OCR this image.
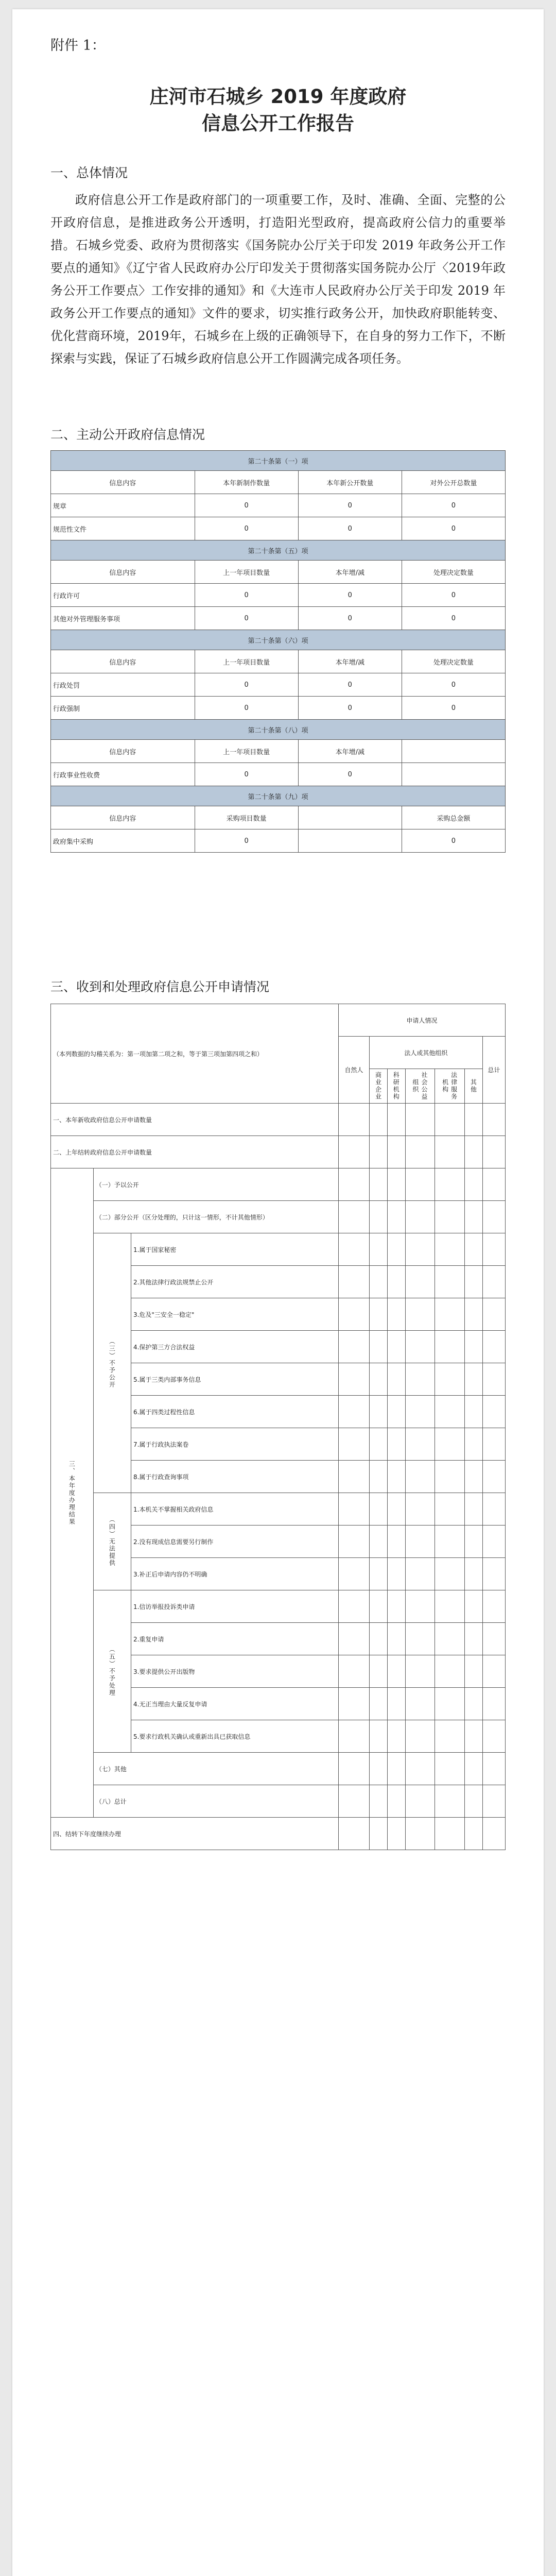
附件 1：
庄河市石城乡 2019 年度政府
信息公开工作报告

一、总体情况

政府信息公开工作是政府部门的一项重要工作，及时、准确、全面、完整的公开政府信息，是推进政务公开透明，打造阳光型政府，提高政府公信力的重要举措。石城乡党委、政府为贯彻落实《国务院办公厅关于印发 2019 年政务公开工作要点的通知》《辽宁省人民政府办公厅印发关于贯彻落实国务院办公厅〈2019年政务公开工作要点〉工作安排的通知》和《大连市人民政府办公厅关于印发 2019 年政务公开工作要点的通知》文件的要求，切实推行政务公开，加快政府职能转变、优化营商环境，2019年，石城乡在上级的正确领导下，在自身的努力工作下，不断探索与实践，保证了石城乡政府信息公开工作圆满完成各项任务。

二、主动公开政府信息情况

第二十条第（一）项			
信息内容	本年新制作数量	本年新公开数量	对外公开总数量
规章	0	0	0
规范性文件	0	0	0
第二十条第（五）项			
信息内容	上一年项目数量	本年增/减	处理决定数量
行政许可	0	0	0
其他对外管理服务事项	0	0	0
第二十条第（六）项			
信息内容	上一年项目数量	本年增/减	处理决定数量
行政处罚	0	0	0
行政强制	0	0	0
第二十条第（八）项			
信息内容	上一年项目数量	本年增/减	
行政事业性收费	0	0	
第二十条第（九）项			
信息内容	采购项目数量		采购总金额
政府集中采购	0		0

三、收到和处理政府信息公开申请情况

（本列数据的勾稽关系为：第一项加第二项之和，等于第三项加第四项之和）			申请人情况						
			自然人	法人或其他组织					总计
				商业企业	科研机构	社会公益组织	法律服务机构	其他	
一、本年新收政府信息公开申请数量									
二、上年结转政府信息公开申请数量									
三、本年度办理结果	（一）予以公开								
	（二）部分公开（区分处理的，只计这一情形，不计其他情形）								
	（三）不予公开	1.属于国家秘密							
		2.其他法律行政法规禁止公开							
		3.危及"三安全一稳定"							
		4.保护第三方合法权益							
		5.属于三类内部事务信息							
		6.属于四类过程性信息							
		7.属于行政执法案卷							
		8.属于行政查询事项							
	（四）无法提供	1.本机关不掌握相关政府信息							
		2.没有现成信息需要另行制作							
		3.补正后申请内容仍不明确							
	（五）不予处理	1.信访举报投诉类申请							
		2.重复申请							
		3.要求提供公开出版物							
		4.无正当理由大量反复申请							
		5.要求行政机关确认或重新出具已获取信息							
	（七）其他								
	（八）总计								
四、结转下年度继续办理									
